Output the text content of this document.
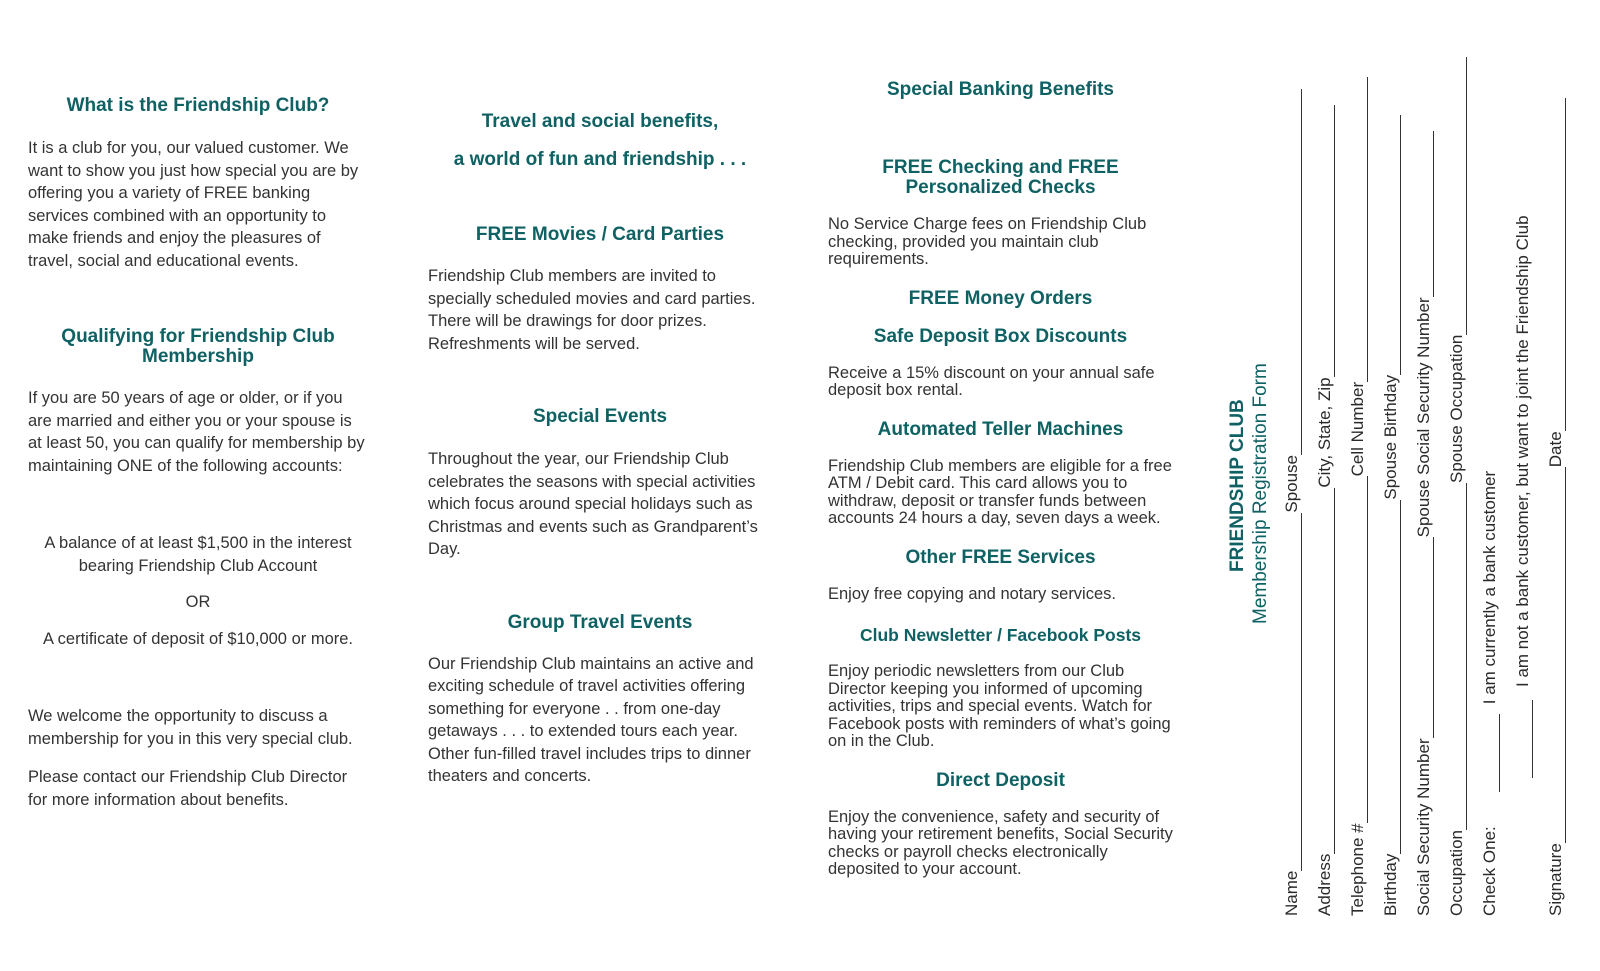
What is the Friendship Club?

It is a club for you, our valued customer. We want to show you just how special you are by offering you a variety of FREE banking services combined with an opportunity to make friends and enjoy the pleasures of travel, social and educational events.

Qualifying for Friendship Club Membership

If you are 50 years of age or older, or if you are married and either you or your spouse is at least 50, you can qualify for membership by maintaining ONE of the following accounts:

A balance of at least $1,500 in the interest bearing Friendship Club Account

OR

A certificate of deposit of $10,000 or more.

We welcome the opportunity to discuss a membership for you in this very special club.

Please contact our Friendship Club Director for more information about benefits.

Travel and social benefits,
a world of fun and friendship . . .
FREE Movies / Card Parties

Friendship Club members are invited to specially scheduled movies and card parties. There will be drawings for door prizes. Refreshments will be served.

Special Events

Throughout the year, our Friendship Club celebrates the seasons with special activities which focus around special holidays such as Christmas and events such as Grandparent’s Day.

Group Travel Events

Our Friendship Club maintains an active and exciting schedule of travel activities offering something for everyone . . from one-day getaways . . . to extended tours each year. Other fun-filled travel includes trips to dinner theaters and concerts.

Special Banking Benefits
FREE Checking and FREE Personalized Checks

No Service Charge fees on Friendship Club checking, provided you maintain club requirements.

FREE Money Orders
Safe Deposit Box Discounts

Receive a 15% discount on your annual safe deposit box rental.

Automated Teller Machines

Friendship Club members are eligible for a free ATM / Debit card. This card allows you to withdraw, deposit or transfer funds between accounts 24 hours a day, seven days a week.

Other FREE Services

Enjoy free copying and notary services.

Club Newsletter / Facebook Posts

Enjoy periodic newsletters from our Club Director keeping you informed of upcoming activities, trips and special events. Watch for Facebook posts with reminders of what’s going on in the Club.

Direct Deposit

Enjoy the convenience, safety and security of having your retirement benefits, Social Security checks or payroll checks electronically deposited to your account.

FRIENDSHIP CLUB Membership Registration Form
Name
Spouse
Address
City, State, Zip
Telephone #
Cell Number
Birthday
Spouse Birthday
Social Security Number
Spouse Social Security Number
Occupation
Spouse Occupation
Check One:
I am currently a bank customer I am not a bank customer, but want to joint the Friendship Club
Signature
Date
